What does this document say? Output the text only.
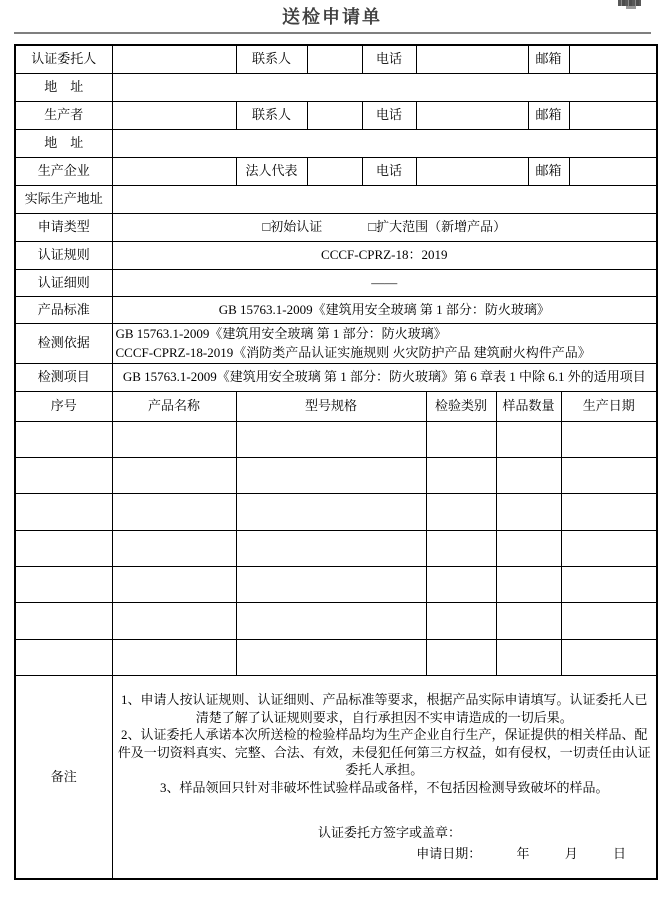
送检申请单
认证委托人		联系人		电话				邮箱		
地　址										
生产者		联系人		电话				邮箱		
地　址										
生产企业		法人代表		电话				邮箱		
实际生产地址										
申请类型	□初始认证 □扩大范围（新增产品）									

认证规则	CCCF-CPRZ-18：2019									
认证细则	——									
产品标准	GB 15763.1-2009《建筑用安全玻璃 第 1 部分：防火玻璃》									
检测依据	GB 15763.1-2009《建筑用安全玻璃 第 1 部分：防火玻璃》
CCCF-CPRZ-18-2019《消防类产品认证实施规则 火灾防护产品 建筑耐火构件产品》									

检测项目	GB 15763.1-2009《建筑用安全玻璃 第 1 部分：防火玻璃》第 6 章表 1 中除 6.1 外的适用项目									
序号	产品名称	型号规格				检验类别	样品数量		生产日期	

备注	1、申请人按认证规则、认证细则、产品标准等要求，根据产品实际申请填写。认证委托人已清楚了解了认证规则要求，自行承担因不实申请造成的一切后果。
2、认证委托人承诺本次所送检的检验样品均为生产企业自行生产，保证提供的相关样品、配件及一切资料真实、完整、合法、有效，未侵犯任何第三方权益，如有侵权，一切责任由认证委托人承担。
3、样品领回只针对非破坏性试验样品或备样，不包括因检测导致破坏的样品。
认证委托方签字或盖章：
申请日期： 年 月 日									
